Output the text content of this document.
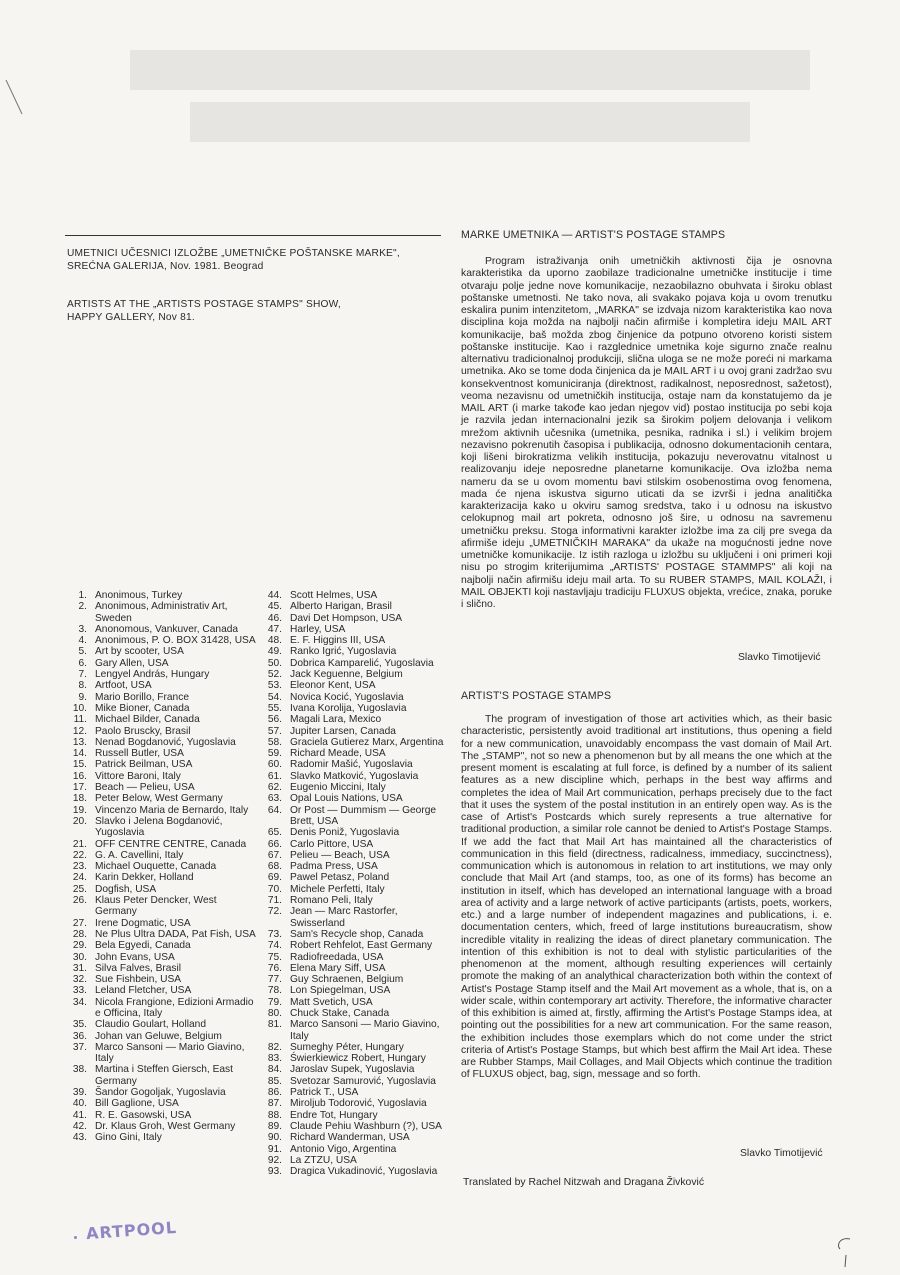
UMETNICI UČESNICI IZLOŽBE „UMETNIČKE POŠTANSKE MARKE",
SREĆNA GALERIJA, Nov. 1981. Beograd
ARTISTS AT THE „ARTISTS POSTAGE STAMPS" SHOW,
HAPPY GALLERY, Nov 81.
1. Anonimous, Turkey
2. Anonimous, Administrativ Art, Sweden
3. Anonomous, Vankuver, Canada
4. Anonimous, P. O. BOX 31428, USA
5. Art by scooter, USA
6. Gary Allen, USA
7. Lengyel András, Hungary
8. Artfoot, USA
9. Mario Borillo, France
10. Mike Bioner, Canada
11. Michael Bilder, Canada
12. Paolo Bruscky, Brasil
13. Nenad Bogdanović, Yugoslavia
14. Russell Butler, USA
15. Patrick Beilman, USA
16. Vittore Baroni, Italy
17. Beach — Pelieu, USA
18. Peter Below, West Germany
19. Vincenzo Maria de Bernardo, Italy
20. Slavko i Jelena Bogdanović, Yugoslavia
21. OFF CENTRE CENTRE, Canada
22. G. A. Cavellini, Italy
23. Michael Ouquette, Canada
24. Karin Dekker, Holland
25. Dogfish, USA
26. Klaus Peter Dencker, West Germany
27. Irene Dogmatic, USA
28. Ne Plus Ultra DADA, Pat Fish, USA
29. Bela Egyedi, Canada
30. John Evans, USA
31. Silva Falves, Brasil
32. Sue Fishbein, USA
33. Leland Fletcher, USA
34. Nicola Frangione, Edizioni Armadio e Officina, Italy
35. Claudio Goulart, Holland
36. Johan van Geluwe, Belgium
37. Marco Sansoni — Mario Giavino, Italy
38. Martina i Steffen Giersch, East Germany
39. Šandor Gogoljak, Yugoslavia
40. Bill Gaglione, USA
41. R. E. Gasowski, USA
42. Dr. Klaus Groh, West Germany
43. Gino Gini, Italy
44. Scott Helmes, USA
45. Alberto Harigan, Brasil
46. Davi Det Hompson, USA
47. Harley, USA
48. E. F. Higgins III, USA
49. Ranko Igrić, Yugoslavia
50. Dobrica Kamparelić, Yugoslavia
52. Jack Keguenne, Belgium
53. Eleonor Kent, USA
54. Novica Kocić, Yugoslavia
55. Ivana Korolija, Yugoslavia
56. Magali Lara, Mexico
57. Jupiter Larsen, Canada
58. Graciela Gutierez Marx, Argentina
59. Richard Meade, USA
60. Radomir Mašić, Yugoslavia
61. Slavko Matković, Yugoslavia
62. Eugenio Miccini, Italy
63. Opal Louis Nations, USA
64. Or Post — Dummism — George Brett, USA
65. Denis Poniž, Yugoslavia
66. Carlo Pittore, USA
67. Pelieu — Beach, USA
68. Padma Press, USA
69. Pawel Petasz, Poland
70. Michele Perfetti, Italy
71. Romano Peli, Italy
72. Jean — Marc Rastorfer, Swisserland
73. Sam's Recycle shop, Canada
74. Robert Rehfelot, East Germany
75. Radiofreedada, USA
76. Elena Mary Siff, USA
77. Guy Schraenen, Belgium
78. Lon Spiegelman, USA
79. Matt Svetich, USA
80. Chuck Stake, Canada
81. Marco Sansoni — Mario Giavino, Italy
82. Sumeghy Péter, Hungary
83. Świerkiewicz Robert, Hungary
84. Jaroslav Supek, Yugoslavia
85. Svetozar Samurović, Yugoslavia
86. Patrick T., USA
87. Miroljub Todorović, Yugoslavia
88. Endre Tot, Hungary
89. Claude Pehiu Washburn (?), USA
90. Richard Wanderman, USA
91. Antonio Vigo, Argentina
92. La ZTZU, USA
93. Dragica Vukadinović, Yugoslavia
MARKE UMETNIKA — ARTIST'S POSTAGE STAMPS

Program istraživanja onih umetničkih aktivnosti čija je osnovna karakteristika da uporno zaobilaze tradicionalne umetničke institucije i time otvaraju polje jedne nove komunikacije, nezaobilazno obuhvata i široku oblast poštanske umetnosti. Ne tako nova, ali svakako pojava koja u ovom trenutku eskalira punim intenzitetom, „MARKA" se izdvaja nizom karakteristika kao nova disciplina koja možda na najbolji način afirmiše i kompletira ideju MAIL ART komunikacije, baš možda zbog činjenice da potpuno otvoreno koristi sistem poštanske institucije. Kao i razglednice umetnika koje sigurno znače realnu alternativu tradicionalnoj produkciji, slična uloga se ne može poreći ni markama umetnika. Ako se tome doda činjenica da je MAIL ART i u ovoj grani zadržao svu konsekventnost komuniciranja (direktnost, radikalnost, neposrednost, sažetost), veoma nezavisnu od umetničkih institucija, ostaje nam da konstatujemo da je MAIL ART (i marke takođe kao jedan njegov vid) postao institucija po sebi koja je razvila jedan internacionalni jezik sa širokim poljem delovanja i velikom mrežom aktivnih učesnika (umetnika, pesnika, radnika i sl.) i velikim brojem nezavisno pokrenutih časopisa i publikacija, odnosno dokumentacionih centara, koji lišeni birokratizma velikih institucija, pokazuju neverovatnu vitalnost u realizovanju ideje neposredne planetarne komunikacije. Ova izložba nema nameru da se u ovom momentu bavi stilskim osobenostima ovog fenomena, mada će njena iskustva sigurno uticati da se izvrši i jedna analitička karakterizacija kako u okviru samog sredstva, tako i u odnosu na iskustvo celokupnog mail art pokreta, odnosno još šire, u odnosu na savremenu umetničku preksu. Stoga informativni karakter izložbe ima za cilj pre svega da afirmiše ideju „UMETNIČKIH MARAKA" da ukaže na mogućnosti jedne nove umetničke komunikacije. Iz istih razloga u izložbu su uključeni i oni primeri koji nisu po strogim kriterijumima „ARTISTS' POSTAGE STAMMPS" ali koji na najbolji način afirmišu ideju mail arta. To su RUBER STAMPS, MAIL KOLAŽI, i MAIL OBJEKTI koji nastavljaju tradiciju FLUXUS objekta, vrećice, znaka, poruke i slično.

Slavko Timotijević
ARTIST'S POSTAGE STAMPS

The program of investigation of those art activities which, as their basic characteristic, persistently avoid traditional art institutions, thus opening a field for a new communication, unavoidably encompass the vast domain of Mail Art. The „STAMP", not so new a phenomenon but by all means the one which at the present moment is escalating at full force, is defined by a number of its salient features as a new discipline which, perhaps in the best way affirms and completes the idea of Mail Art communication, perhaps precisely due to the fact that it uses the system of the postal institution in an entirely open way. As is the case of Artist's Postcards which surely represents a true alternative for traditional production, a similar role cannot be denied to Artist's Postage Stamps. If we add the fact that Mail Art has maintained all the characteristics of communication in this field (directness, radicalness, immediacy, succinctness), communication which is autonomous in relation to art institutions, we may only conclude that Mail Art (and stamps, too, as one of its forms) has become an institution in itself, which has developed an international language with a broad area of activity and a large network of active participants (artists, poets, workers, etc.) and a large number of independent magazines and publications, i. e. documentation centers, which, freed of large institutions bureaucratism, show incredible vitality in realizing the ideas of direct planetary communication. The intention of this exhibition is not to deal with stylistic particularities of the phenomenon at the moment, although resulting experiences will certainly promote the making of an analythical characterization both within the context of Artist's Postage Stamp itself and the Mail Art movement as a whole, that is, on a wider scale, within contemporary art activity. Therefore, the informative character of this exhibition is aimed at, firstly, affirming the Artist's Postage Stamps idea, at pointing out the possibilities for a new art communication. For the same reason, the exhibition includes those exemplars which do not come under the strict criteria of Artist's Postage Stamps, but which best affirm the Mail Art idea. These are Rubber Stamps, Mail Collages, and Mail Objects which continue the tradition of FLUXUS object, bag, sign, message and so forth.

Slavko Timotijević
Translated by Rachel Nitzwah and Dragana Živković
ARTPOOL
